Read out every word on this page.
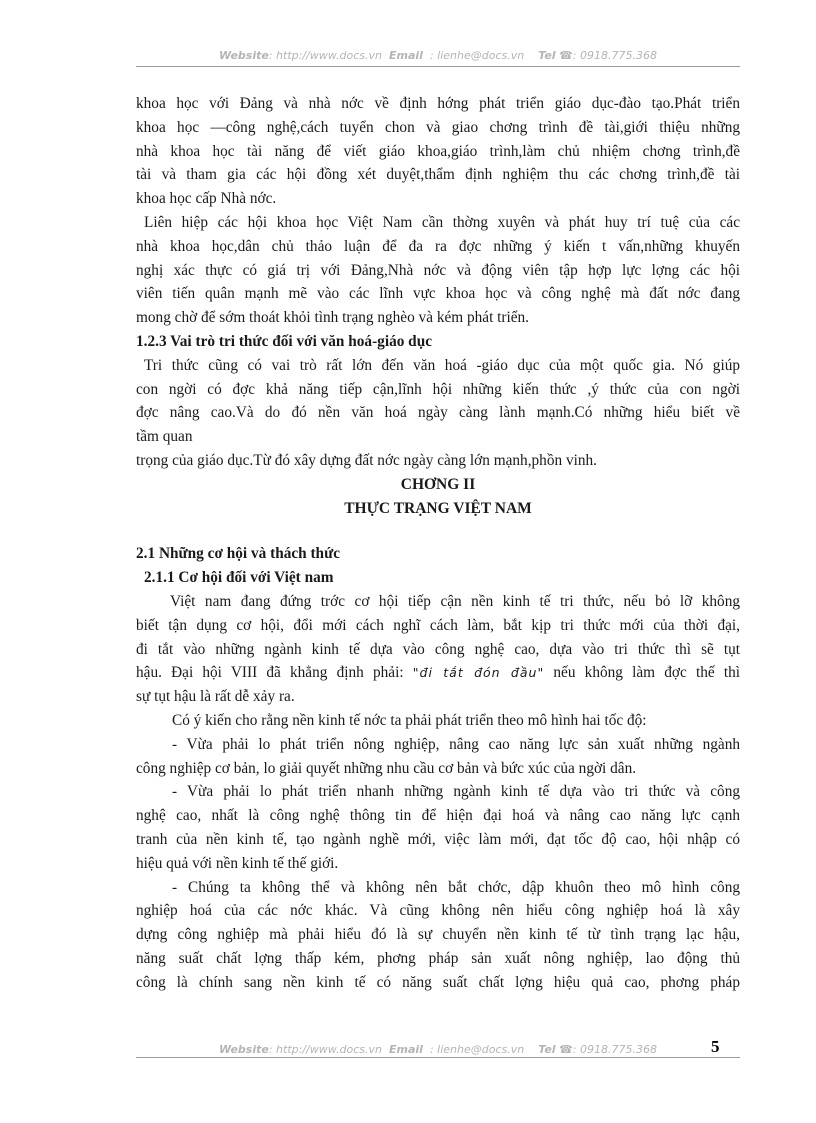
Website: http://www.docs.vn Email : lienhe@docs.vn Tel ☎: 0918.775.368

khoa học với Đảng và nhà nớc về định hớng phát triển giáo dục-đào tạo.Phát triển

khoa học —công nghệ,cách tuyển chon và giao chơng trình đề tài,giới thiệu những

nhà khoa học tài năng để viết giáo khoa,giáo trình,làm chủ nhiệm chơng trình,đề

tài và tham gia các hội đồng xét duyệt,thẩm định nghiệm thu các chơng trình,đề tài

khoa học cấp Nhà nớc.

Liên hiệp các hội khoa học Việt Nam cần thờng xuyên và phát huy trí tuệ của các

nhà khoa học,dân chủ thảo luận để đa ra đợc những ý kiến t vấn,những khuyến

nghị xác thực có giá trị với Đảng,Nhà nớc và động viên tập hợp lực lợng các hội

viên tiến quân mạnh mẽ vào các lĩnh vực khoa học và công nghệ mà đất nớc đang

mong chờ để sớm thoát khỏi tình trạng nghèo và kém phát triển.

1.2.3 Vai trò tri thức đối với văn hoá-giáo dục

Tri thức cũng có vai trò rất lớn đến văn hoá -giáo dục của một quốc gia. Nó giúp

con ngời có đợc khả năng tiếp cận,lĩnh hội những kiến thức ,ý thức của con ngời

đợc nâng cao.Và do đó nền văn hoá ngày càng lành mạnh.Có những hiểu biết về

tầm quan

trọng của giáo dục.Từ đó xây dựng đất nớc ngày càng lớn mạnh,phồn vinh.

CHƠNG II

THỰC TRẠNG VIỆT NAM

2.1 Những cơ hội và thách thức

2.1.1 Cơ hội đối với Việt nam

Việt nam đang đứng trớc cơ hội tiếp cận nền kinh tế tri thức, nếu bỏ lỡ không

biết tận dụng cơ hội, đổi mới cách nghĩ cách làm, bắt kịp tri thức mới của thời đại,

đi tắt vào những ngành kinh tế dựa vào công nghệ cao, dựa vào tri thức thì sẽ tụt

hậu. Đại hội VIII đã khẳng định phải: "đi tắt đón đầu" nếu không làm đợc thế thì

sự tụt hậu là rất dễ xảy ra.

Có ý kiến cho rằng nền kinh tế nớc ta phải phát triển theo mô hình hai tốc độ:

- Vừa phải lo phát triển nông nghiệp, nâng cao năng lực sản xuất những ngành

công nghiệp cơ bản, lo giải quyết những nhu cầu cơ bản và bức xúc của ngời dân.

- Vừa phải lo phát triển nhanh những ngành kinh tế dựa vào tri thức và công

nghệ cao, nhất là công nghệ thông tin để hiện đại hoá và nâng cao năng lực cạnh

tranh của nền kinh tế, tạo ngành nghề mới, việc làm mới, đạt tốc độ cao, hội nhập có

hiệu quả với nền kinh tế thế giới.

- Chúng ta không thể và không nên bắt chớc, dập khuôn theo mô hình công

nghiệp hoá của các nớc khác. Và cũng không nên hiểu công nghiệp hoá là xây

dựng công nghiệp mà phải hiểu đó là sự chuyển nền kinh tế từ tình trạng lạc hậu,

năng suất chất lợng thấp kém, phơng pháp sản xuất nông nghiệp, lao động thủ

công là chính sang nền kinh tế có năng suất chất lợng hiệu quả cao, phơng pháp

Website: http://www.docs.vn Email : lienhe@docs.vn Tel ☎: 0918.775.368	5
